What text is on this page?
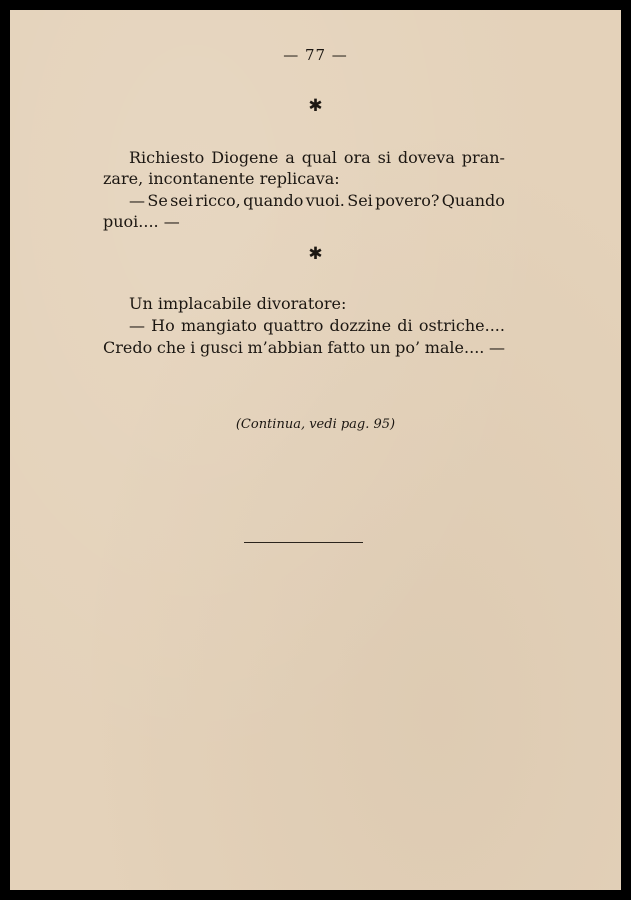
— 77 —
✱
Richiesto Diogene a qual ora si doveva pran-
zare, incontanente replicava:
— Se sei ricco, quando vuoi. Sei povero? Quando
puoi.... —
✱
Un implacabile divoratore:
— Ho mangiato quattro dozzine di ostriche....
Credo che i gusci m’abbian fatto un po’ male.... —
(Continua, vedi pag. 95)
